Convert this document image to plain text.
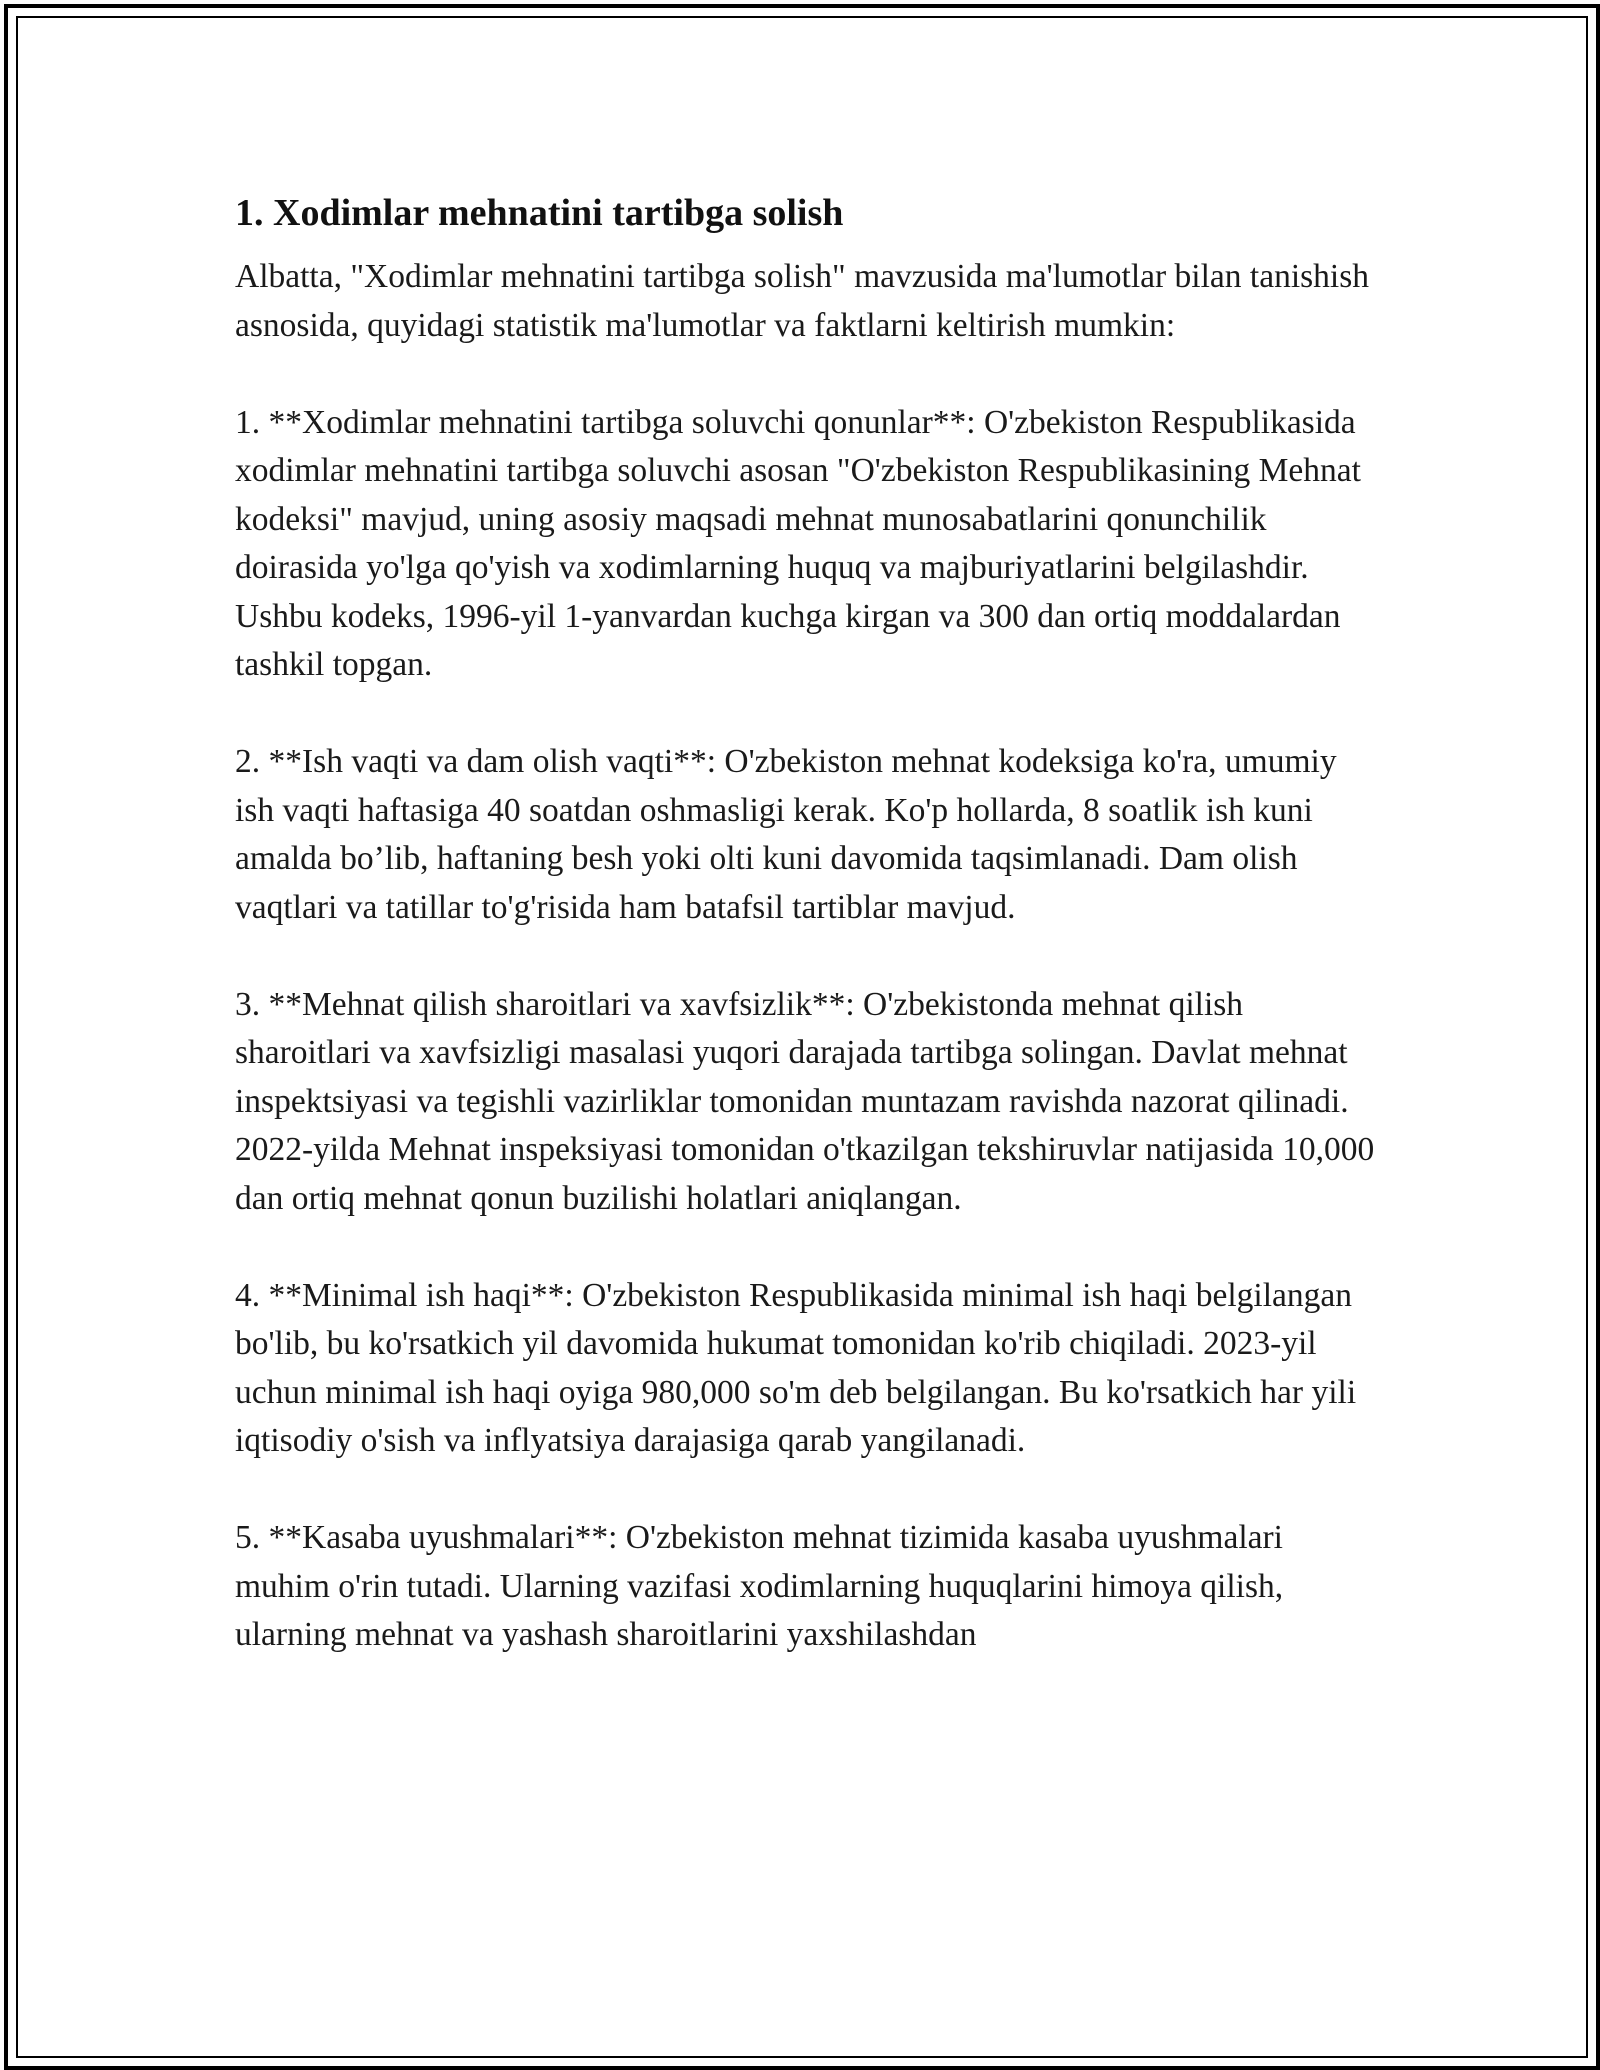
1. Xodimlar mehnatini tartibga solish

Albatta, "Xodimlar mehnatini tartibga solish" mavzusida ma'lumotlar bilan tanishish asnosida, quyidagi statistik ma'lumotlar va faktlarni keltirish mumkin:

1. **Xodimlar mehnatini tartibga soluvchi qonunlar**: O'zbekiston Respublikasida xodimlar mehnatini tartibga soluvchi asosan "O'zbekiston Respublikasining Mehnat kodeksi" mavjud, uning asosiy maqsadi mehnat munosabatlarini qonunchilik doirasida yo'lga qo'yish va xodimlarning huquq va majburiyatlarini belgilashdir. Ushbu kodeks, 1996-yil 1-yanvardan kuchga kirgan va 300 dan ortiq moddalardan tashkil topgan.

2. **Ish vaqti va dam olish vaqti**: O'zbekiston mehnat kodeksiga ko'ra, umumiy ish vaqti haftasiga 40 soatdan oshmasligi kerak. Ko'p hollarda, 8 soatlik ish kuni amalda bo’lib, haftaning besh yoki olti kuni davomida taqsimlanadi. Dam olish vaqtlari va tatillar to'g'risida ham batafsil tartiblar mavjud.

3. **Mehnat qilish sharoitlari va xavfsizlik**: O'zbekistonda mehnat qilish sharoitlari va xavfsizligi masalasi yuqori darajada tartibga solingan. Davlat mehnat inspektsiyasi va tegishli vazirliklar tomonidan muntazam ravishda nazorat qilinadi. 2022-yilda Mehnat inspeksiyasi tomonidan o'tkazilgan tekshiruvlar natijasida 10,000 dan ortiq mehnat qonun buzilishi holatlari aniqlangan.

4. **Minimal ish haqi**: O'zbekiston Respublikasida minimal ish haqi belgilangan bo'lib, bu ko'rsatkich yil davomida hukumat tomonidan ko'rib chiqiladi. 2023-yil uchun minimal ish haqi oyiga 980,000 so'm deb belgilangan. Bu ko'rsatkich har yili iqtisodiy o'sish va inflyatsiya darajasiga qarab yangilanadi.

5. **Kasaba uyushmalari**: O'zbekiston mehnat tizimida kasaba uyushmalari muhim o'rin tutadi. Ularning vazifasi xodimlarning huquqlarini himoya qilish, ularning mehnat va yashash sharoitlarini yaxshilashdan
